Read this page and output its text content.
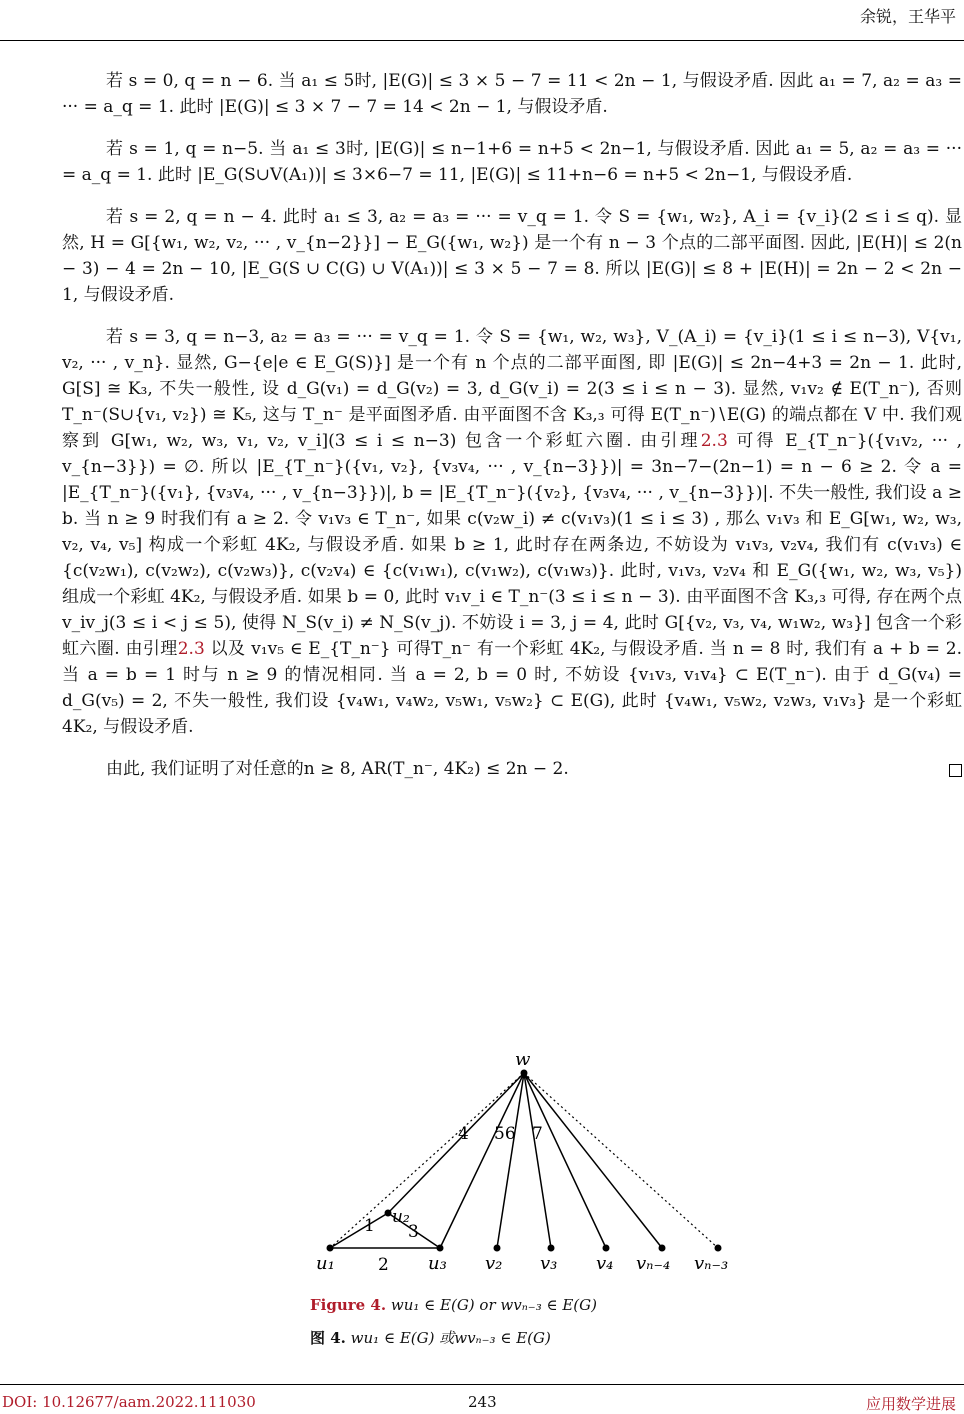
余锐，王华平

若 s = 0, q = n − 6. 当 a₁ ≤ 5时, |E(G)| ≤ 3 × 5 − 7 = 11 < 2n − 1, 与假设矛盾. 因此 a₁ = 7, a₂ = a₃ = ··· = a_q = 1. 此时 |E(G)| ≤ 3 × 7 − 7 = 14 < 2n − 1, 与假设矛盾.

若 s = 1, q = n−5. 当 a₁ ≤ 3时, |E(G)| ≤ n−1+6 = n+5 < 2n−1, 与假设矛盾. 因此 a₁ = 5, a₂ = a₃ = ··· = a_q = 1. 此时 |E_G(S∪V(A₁))| ≤ 3×6−7 = 11, |E(G)| ≤ 11+n−6 = n+5 < 2n−1, 与假设矛盾.

若 s = 2, q = n − 4. 此时 a₁ ≤ 3, a₂ = a₃ = ··· = v_q = 1. 令 S = {w₁, w₂}, A_i = {v_i}(2 ≤ i ≤ q). 显然, H = G[{w₁, w₂, v₂, ··· , v_{n−2}}] − E_G({w₁, w₂}) 是一个有 n − 3 个点的二部平面图. 因此, |E(H)| ≤ 2(n − 3) − 4 = 2n − 10, |E_G(S ∪ C(G) ∪ V(A₁))| ≤ 3 × 5 − 7 = 8. 所以 |E(G)| ≤ 8 + |E(H)| = 2n − 2 < 2n − 1, 与假设矛盾.

若 s = 3, q = n−3, a₂ = a₃ = ··· = v_q = 1. 令 S = {w₁, w₂, w₃}, V_(A_i) = {v_i}(1 ≤ i ≤ n−3), V{v₁, v₂, ··· , v_n}. 显然, G−{e|e ∈ E_G(S)}] 是一个有 n 个点的二部平面图, 即 |E(G)| ≤ 2n−4+3 = 2n − 1. 此时, G[S] ≅ K₃, 不失一般性, 设 d_G(v₁) = d_G(v₂) = 3, d_G(v_i) = 2(3 ≤ i ≤ n − 3). 显然, v₁v₂ ∉ E(T_n⁻), 否则 T_n⁻(S∪{v₁, v₂}) ≅ K₅, 这与 T_n⁻ 是平面图矛盾. 由平面图不含 K₃,₃ 可得 E(T_n⁻)∖E(G) 的端点都在 V 中. 我们观察到 G[w₁, w₂, w₃, v₁, v₂, v_i](3 ≤ i ≤ n−3) 包含一个彩虹六圈. 由引理2.3 可得 E_{T_n⁻}({v₁v₂, ··· , v_{n−3}}) = ∅. 所以 |E_{T_n⁻}({v₁, v₂}, {v₃v₄, ··· , v_{n−3}})| = 3n−7−(2n−1) = n − 6 ≥ 2. 令 a = |E_{T_n⁻}({v₁}, {v₃v₄, ··· , v_{n−3}})|, b = |E_{T_n⁻}({v₂}, {v₃v₄, ··· , v_{n−3}})|. 不失一般性, 我们设 a ≥ b. 当 n ≥ 9 时我们有 a ≥ 2. 令 v₁v₃ ∈ T_n⁻, 如果 c(v₂w_i) ≠ c(v₁v₃)(1 ≤ i ≤ 3) , 那么 v₁v₃ 和 E_G[w₁, w₂, w₃, v₂, v₄, v₅] 构成一个彩虹 4K₂, 与假设矛盾. 如果 b ≥ 1, 此时存在两条边, 不妨设为 v₁v₃, v₂v₄, 我们有 c(v₁v₃) ∈ {c(v₂w₁), c(v₂w₂), c(v₂w₃)}, c(v₂v₄) ∈ {c(v₁w₁), c(v₁w₂), c(v₁w₃)}. 此时, v₁v₃, v₂v₄ 和 E_G({w₁, w₂, w₃, v₅}) 组成一个彩虹 4K₂, 与假设矛盾. 如果 b = 0, 此时 v₁v_i ∈ T_n⁻(3 ≤ i ≤ n − 3). 由平面图不含 K₃,₃ 可得, 存在两个点 v_iv_j(3 ≤ i < j ≤ 5), 使得 N_S(v_i) ≠ N_S(v_j). 不妨设 i = 3, j = 4, 此时 G[{v₂, v₃, v₄, w₁w₂, w₃}] 包含一个彩虹六圈. 由引理2.3 以及 v₁v₅ ∈ E_{T_n⁻} 可得T_n⁻ 有一个彩虹 4K₂, 与假设矛盾. 当 n = 8 时, 我们有 a + b = 2. 当 a = b = 1 时与 n ≥ 9 的情况相同. 当 a = 2, b = 0 时, 不妨设 {v₁v₃, v₁v₄} ⊂ E(T_n⁻). 由于 d_G(v₄) = d_G(v₅) = 2, 不失一般性, 我们设 {v₄w₁, v₄w₂, v₅w₁, v₅w₂} ⊂ E(G), 此时 {v₄w₁, v₅w₂, v₂w₃, v₁v₃} 是一个彩虹 4K₂, 与假设矛盾.

由此, 我们证明了对任意的n ≥ 8, AR(T_n⁻, 4K₂) ≤ 2n − 2.

w
u₂
u₁	u₃ v₂ v₃ v₄ vₙ₋₄ vₙ₋₃
4 56 7
1 3
2
Figure 4. wu₁ ∈ E(G) or wvₙ₋₃ ∈ E(G)
图 4. wu₁ ∈ E(G) 或wvₙ₋₃ ∈ E(G)
DOI: 10.12677/aam.2022.111030	243	应用数学进展
